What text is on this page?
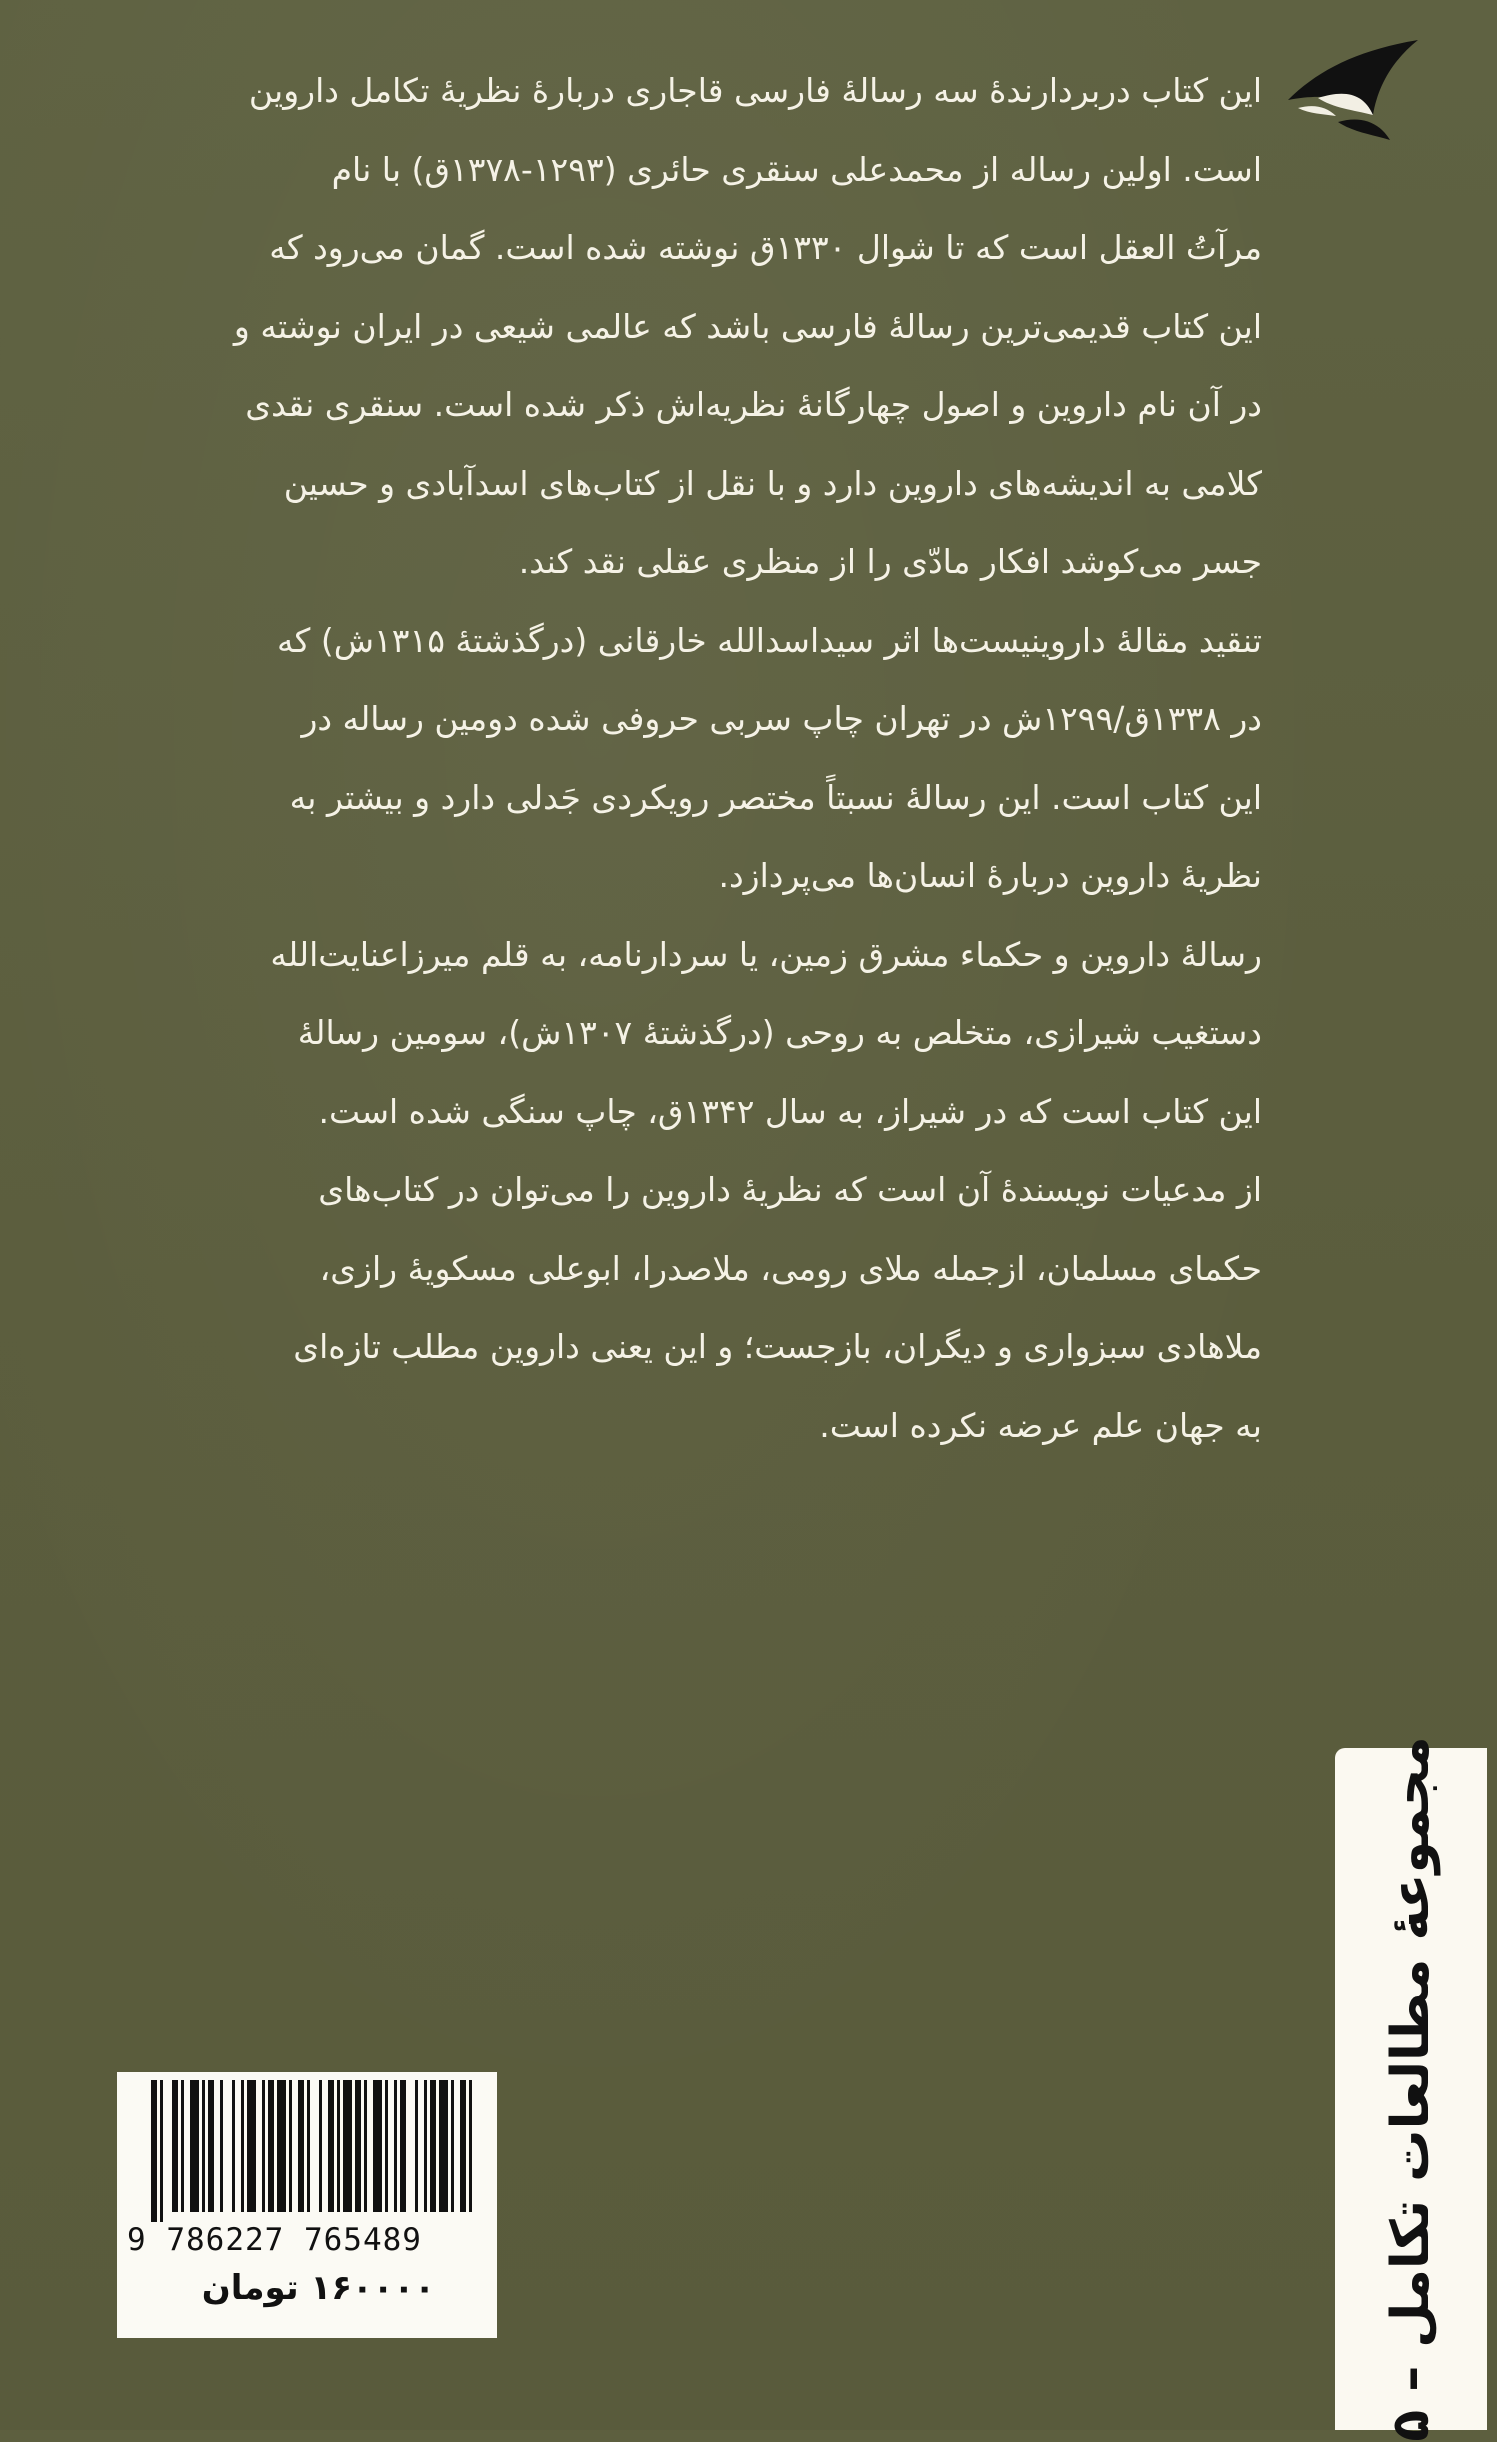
این کتاب دربردارندهٔ سه رسالهٔ فارسی قاجاری دربارهٔ نظریهٔ تکامل داروین
است. اولین رساله از محمدعلی سنقری حائری (۱۲۹۳-۱۳۷۸ق) با نام
مرآتُ العقل است که تا شوال ۱۳۳۰ق نوشته شده است. گمان می‌رود که
این کتاب قدیمی‌ترین رسالهٔ فارسی باشد که عالمی شیعی در ایران نوشته و
در آن نام داروین و اصول چهارگانهٔ نظریه‌اش ذکر شده است. سنقری نقدی
کلامی به اندیشه‌های داروین دارد و با نقل از کتاب‌های اسدآبادی و حسین
جسر می‌کوشد افکار مادّی را از منظری عقلی نقد کند.

تنقید مقالهٔ داروینیست‌ها اثر سیداسدالله خارقانی (درگذشتهٔ ۱۳۱۵ش) که
در ۱۳۳۸ق/۱۲۹۹ش در تهران چاپ سربی حروفی شده دومین رساله در
این کتاب است. این رسالهٔ نسبتاً مختصر رویکردی جَدلی دارد و بیشتر به
نظریهٔ داروین دربارهٔ انسان‌ها می‌پردازد.

رسالهٔ داروین و حکماء مشرق زمین، یا سردارنامه، به قلم میرزاعنایت‌الله
دستغیب شیرازی، متخلص به روحی (درگذشتهٔ ۱۳۰۷ش)، سومین رسالهٔ
این کتاب است که در شیراز، به سال ۱۳۴۲ق، چاپ سنگی شده است.
از مدعیات نویسندهٔ آن است که نظریهٔ داروین را می‌توان در کتاب‌های
حکمای مسلمان، ازجمله ملای رومی، ملاصدرا، ابوعلی مسکویهٔ رازی،
ملاهادی سبزواری و دیگران، بازجست؛ و این یعنی داروین مطلب تازه‌ای
به جهان علم عرضه نکرده است.

مجموعهٔ مطالعات تکامل – ۵
9 786227 765489
۱۶۰۰۰۰ تومان
